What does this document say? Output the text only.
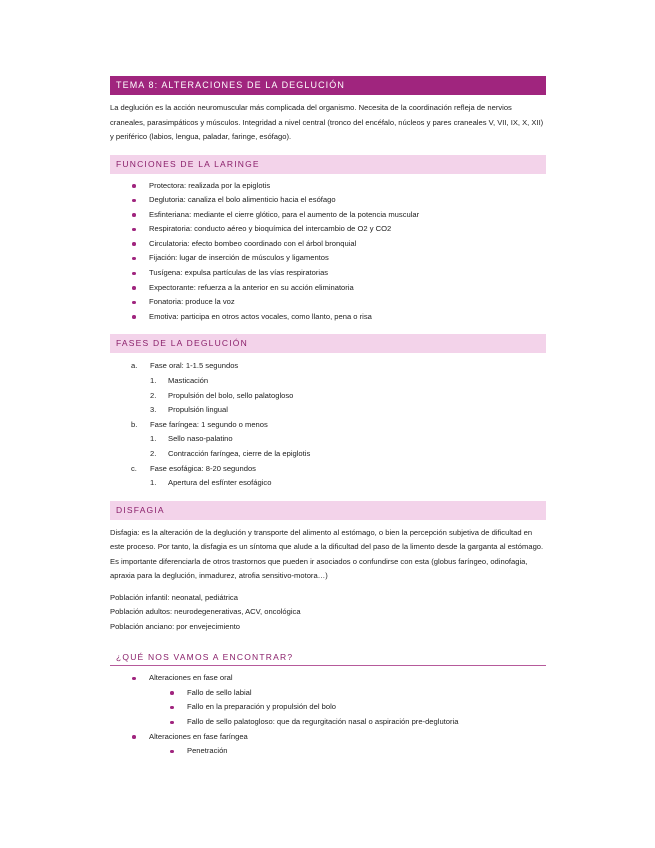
TEMA 8: ALTERACIONES DE LA DEGLUCIÓN

La deglución es la acción neuromuscular más complicada del organismo. Necesita de la coordinación refleja de nervios craneales, parasimpáticos y músculos. Integridad a nivel central (tronco del encéfalo, núcleos y pares craneales V, VII, IX, X, XII) y periférico (labios, lengua, paladar, faringe, esófago).

FUNCIONES DE LA LARINGE
Protectora: realizada por la epiglotis
Deglutoria: canaliza el bolo alimenticio hacia el esófago
Esfinteriana: mediante el cierre glótico, para el aumento de la potencia muscular
Respiratoria: conducto aéreo y bioquímica del intercambio de O2 y CO2
Circulatoria: efecto bombeo coordinado con el árbol bronquial
Fijación: lugar de inserción de músculos y ligamentos
Tusígena: expulsa partículas de las vías respiratorias
Expectorante: refuerza a la anterior en su acción eliminatoria
Fonatoria: produce la voz
Emotiva: participa en otros actos vocales, como llanto, pena o risa
FASES DE LA DEGLUCIÓN
a. Fase oral: 1-1.5 segundos
1. Masticación
2. Propulsión del bolo, sello palatogloso
3. Propulsión lingual
b. Fase faríngea: 1 segundo o menos
1. Sello naso-palatino
2. Contracción faríngea, cierre de la epiglotis
c. Fase esofágica: 8-20 segundos
1. Apertura del esfínter esofágico
DISFAGIA

Disfagia: es la alteración de la deglución y transporte del alimento al estómago, o bien la percepción subjetiva de dificultad en este proceso. Por tanto, la disfagia es un síntoma que alude a la dificultad del paso de la limento desde la garganta al estómago. Es importante diferenciarla de otros trastornos que pueden ir asociados o confundirse con esta (globus faríngeo, odinofagia, apraxia para la deglución, inmadurez, atrofia sensitivo-motora…)

Población infantil: neonatal, pediátrica

Población adultos: neurodegenerativas, ACV, oncológica

Población anciano: por envejecimiento

¿QUÉ NOS VAMOS A ENCONTRAR?
Alteraciones en fase oral
Fallo de sello labial
Fallo en la preparación y propulsión del bolo
Fallo de sello palatogloso: que da regurgitación nasal o aspiración pre-deglutoria
Alteraciones en fase faríngea
Penetración
